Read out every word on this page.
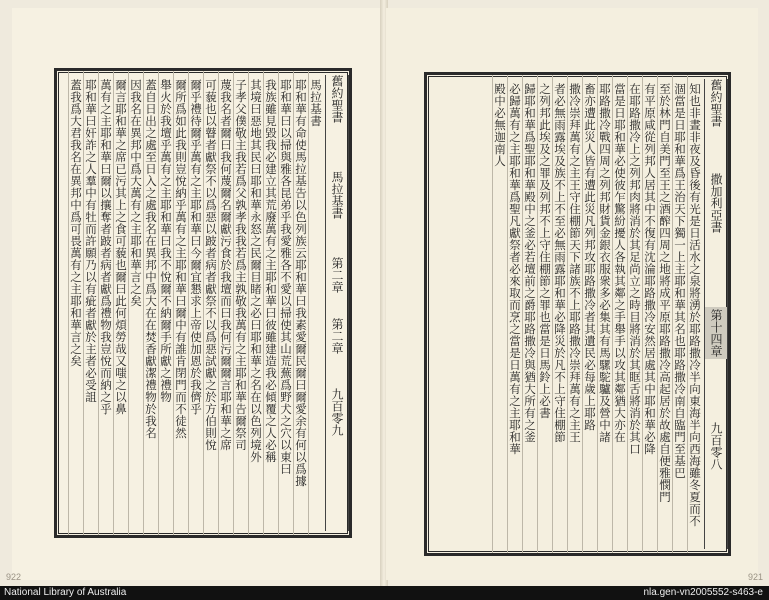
舊約聖書 馬拉基書 第二章 第二章 九百零九
馬拉基書
耶和華有命使馬拉基告以色列族云耶和華曰我素愛爾民爾曰爾愛余有何以爲據
耶和華曰以掃與雅各昆弟乎我愛雅各不愛以掃使其山荒蕪爲野犬之穴以東曰
我族雖見毀我必建立其荒廢萬有之主耶和華曰彼雖建造我必傾覆之人必稱
其境曰惡地其民曰耶和華永怒之民爾目睹之必曰耶和華之名在以色列境外
子孝父僕敬主我若爲父孰孝我我若爲主孰敬我萬有之主耶和華告爾祭司
蔑我名者爾曰我何蔑爾名爾獻污食於我壇而曰我何污爾爾言耶和華之席
可藐也以瞽者獻祭不以爲惡以跛者病者獻祭不以爲惡試獻之於方伯則悅
爾乎禮待爾乎萬有之主耶和華曰今爾宜懇求上帝使加恩於我儕乎
爾所爲如此我則豈悅納乎萬有之主耶和華曰爾中有誰肯閉門而不徒然
舉火於我壇乎萬有之主耶和華曰我不悅爾不納爾手所獻之禮物
蓋自日出之處至日入之處我名在異邦中爲大在在焚香獻潔禮物於我名
因我名在異邦中爲大萬有之主耶和華言之矣
爾言耶和華之席已污其上之食可藐也爾曰此何煩勞哉又嗤之以鼻
萬有之主耶和華曰爾以攘奪者跛者病者獻爲禮物我豈悅而納之乎
耶和華曰奸詐之人羣中有牡而許願乃以有疵者獻於主者必受詛
蓋我爲大君我名在異邦中爲可畏萬有之主耶和華言之矣	舊約聖書 撒加利亞書 第十四章 九百零八
知也非晝非夜及昏後有光是日活水之泉將湧於耶路撒冷半向東海半向西海雖冬夏而不
涸當是日耶和華爲王治天下獨一上主耶和華其名也耶路撒冷南自臨門至基巴
至於林門自美門至王之酒醡四周之地將成平原耶路撒冷高起居於故處自便雅憫門
有平原咸從列邦人居其中不復有沈淪耶路撒冷安然居處其中耶和華必降
在耶路撒冷上之列邦肉將消於其足尚立之時目將消於其眶舌將消於其口
當是日耶和華必使彼乍驚紛擾人各執其鄰之手舉手以攻其鄰猶大亦在
耶路撒冷戰四周之列邦財貨金銀衣服衆多必集其有馬騾駝驢及營中諸
畜亦遭此災人皆有遭此災凡列邦攻耶路撒冷者其遺民必每歲上耶路
撒冷崇拜萬有之主王守住棚節天下諸族不上耶路撒冷崇拜萬有之主王
者必無雨露埃及族不上不至必無雨露耶和華必降災於凡不上守住棚節
之列邦此埃及之罪及列邦不上守住棚節之罪也當是日馬鈴上必書
歸耶和華爲聖耶和華殿中之釜必若壇前之爵耶路撒冷與猶大所有之釜
必歸萬有之主耶和華爲聖凡獻祭者必來取而烹之當是日萬有之主耶和華
殿中必無迦南人
922	921
National Library of Australia	nla.gen-vn2005552-s463-e
